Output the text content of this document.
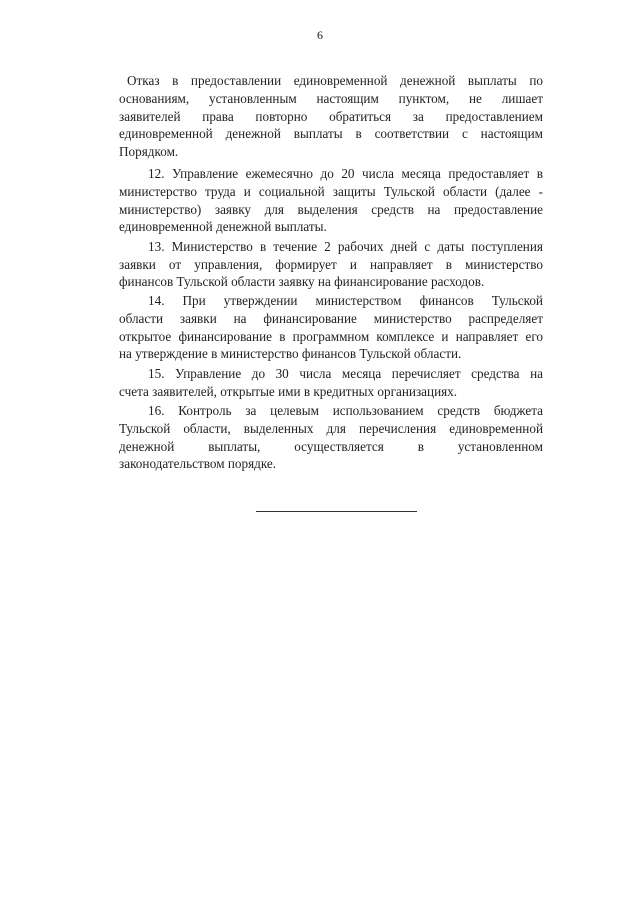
6
Отказ в предоставлении единовременной денежной выплаты по
основаниям, установленным настоящим пунктом, не лишает
заявителей права повторно обратиться за предоставлением
единовременной денежной выплаты в соответствии с настоящим
Порядком.
12. Управление ежемесячно до 20 числа месяца предоставляет в
министерство труда и социальной защиты Тульской области (далее -
министерство) заявку для выделения средств на предоставление
единовременной денежной выплаты.
13. Министерство в течение 2 рабочих дней с даты поступления
заявки от управления, формирует и направляет в министерство
финансов Тульской области заявку на финансирование расходов.
14. При утверждении министерством финансов Тульской
области заявки на финансирование министерство распределяет
открытое финансирование в программном комплексе и направляет его
на утверждение в министерство финансов Тульской области.
15. Управление до 30 числа месяца перечисляет средства на
счета заявителей, открытые ими в кредитных организациях.
16. Контроль за целевым использованием средств бюджета
Тульской области, выделенных для перечисления единовременной
денежной выплаты, осуществляется в установленном
законодательством порядке.
